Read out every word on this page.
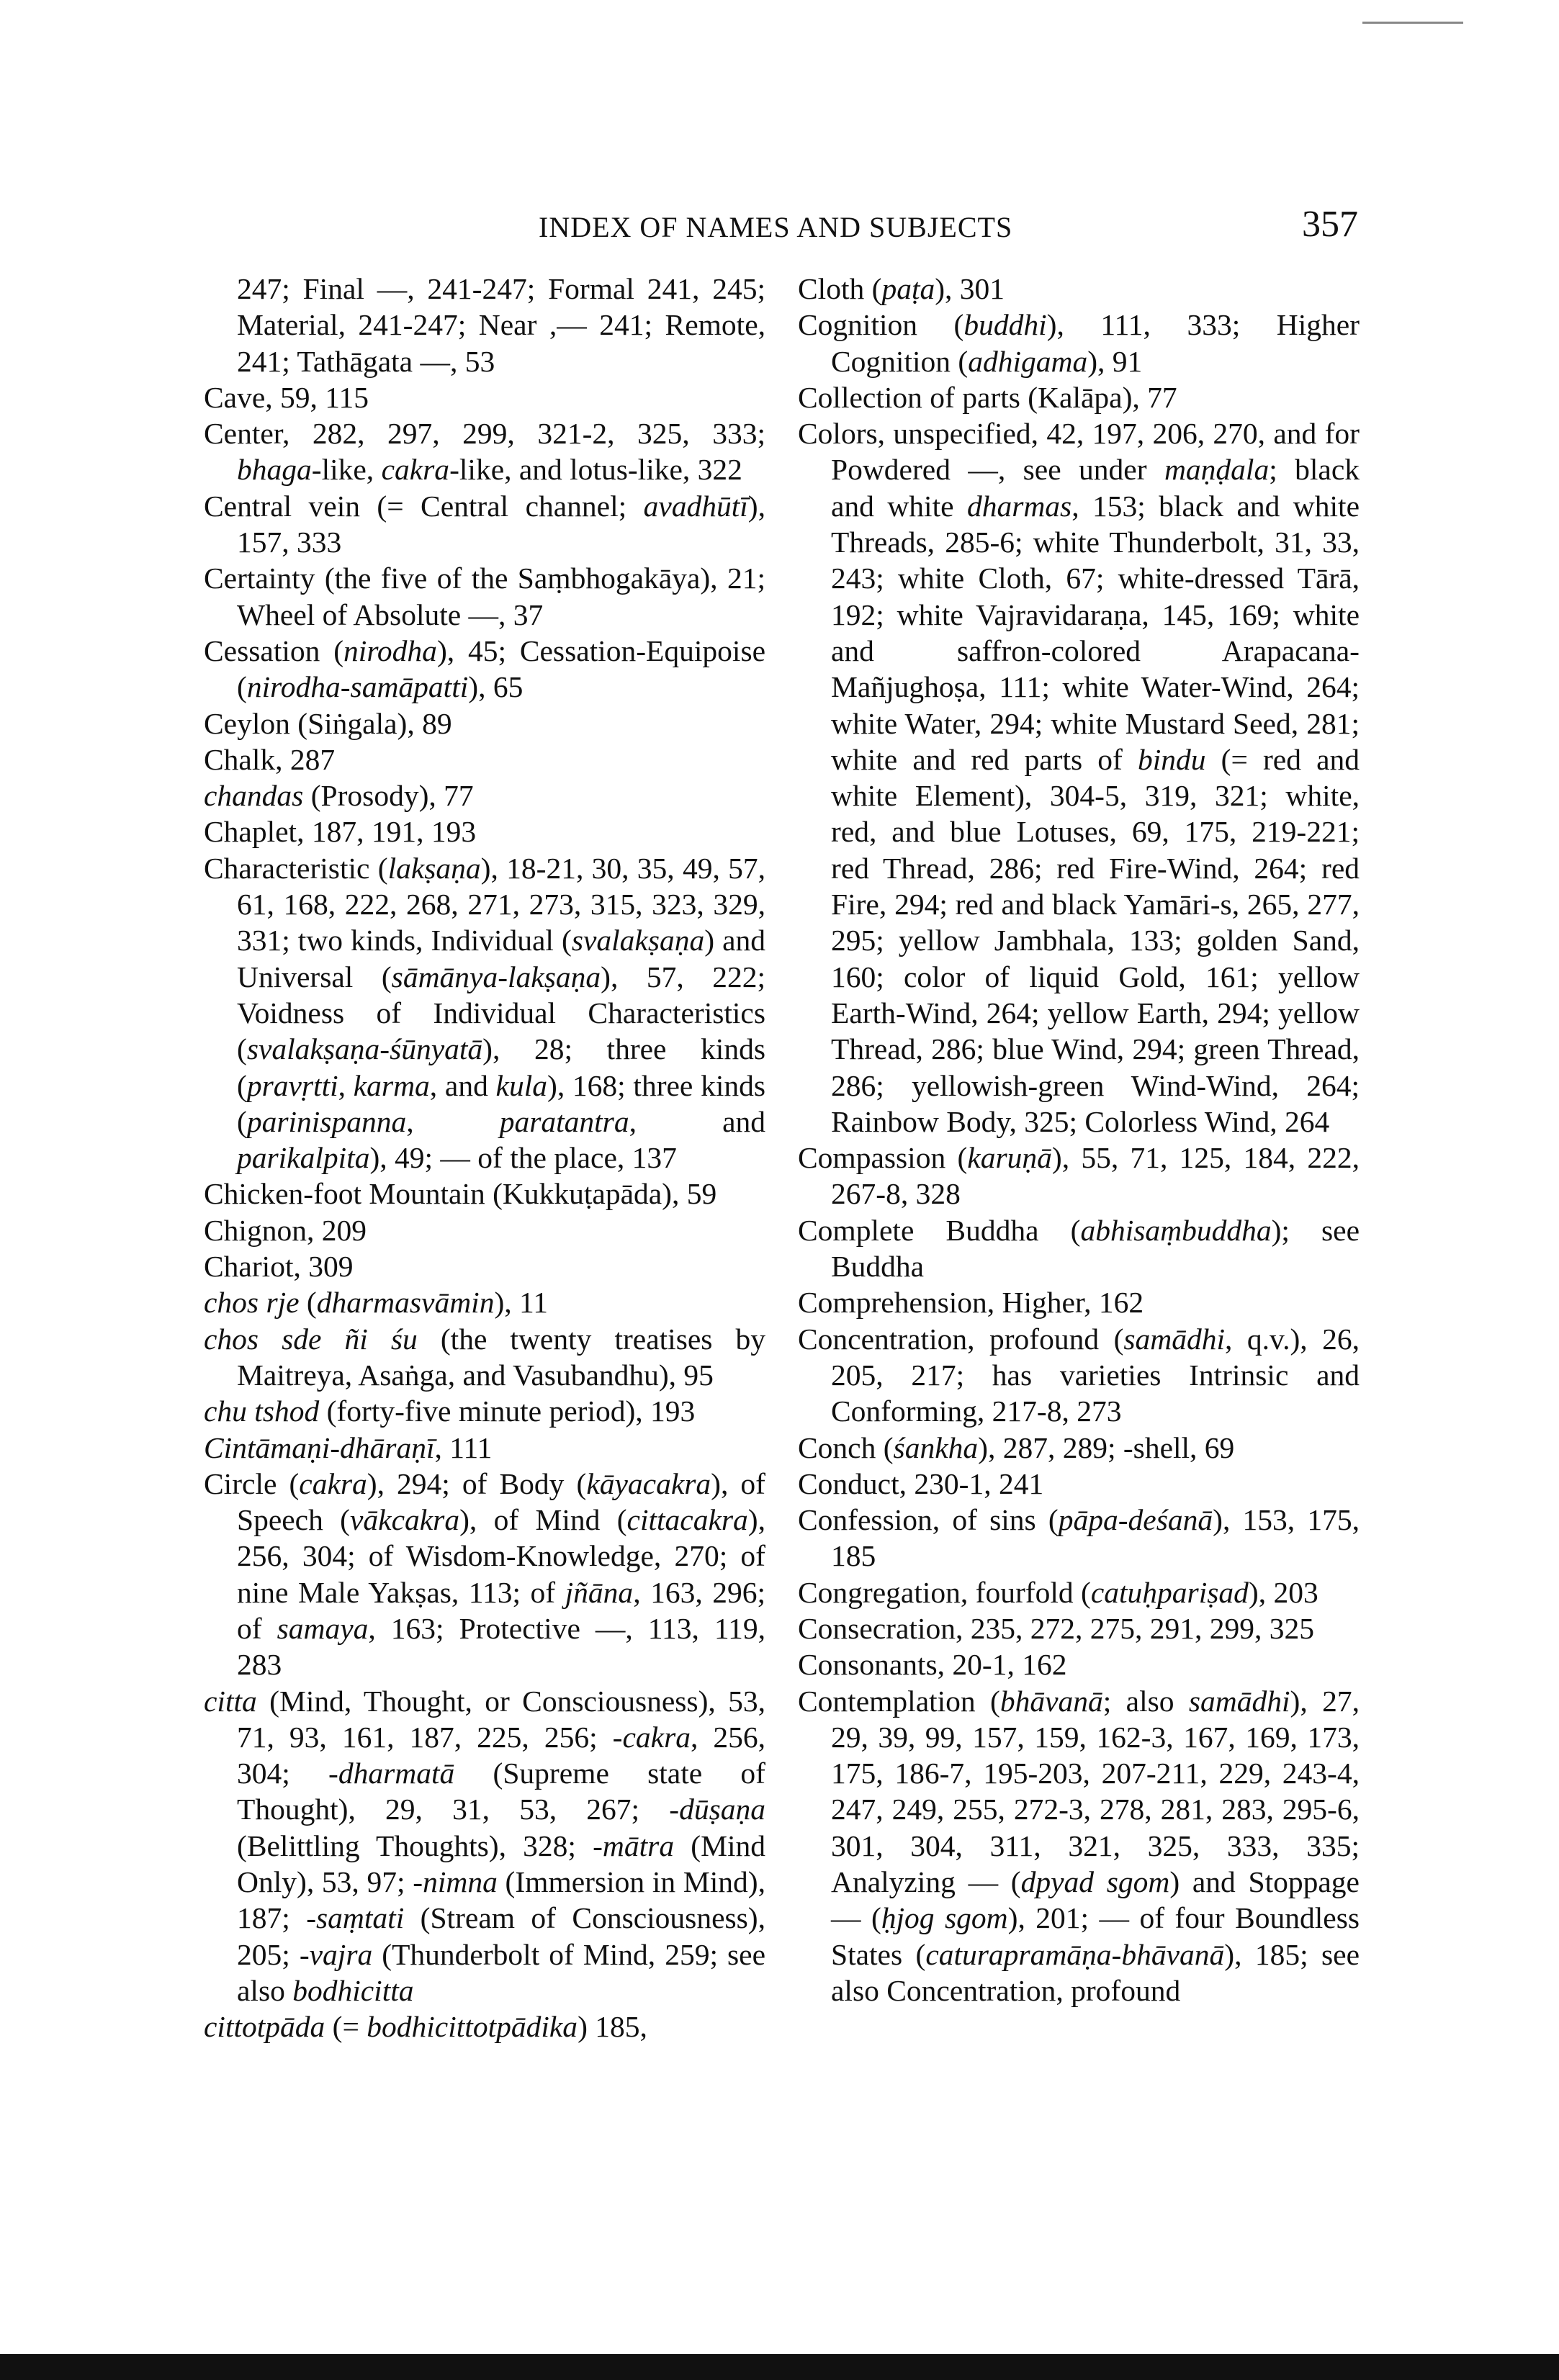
INDEX OF NAMES AND SUBJECTS	357
247; Final —, 241-247; Formal 241, 245; Material, 241-247; Near ,— 241; Remote, 241; Tathāgata —, 53
Cave, 59, 115
Center, 282, 297, 299, 321-2, 325, 333; bhaga-like, cakra-like, and lotus-like, 322
Central vein (= Central channel; avadhūtī), 157, 333
Certainty (the five of the Saṃbhogakāya), 21; Wheel of Absolute —, 37
Cessation (nirodha), 45; Cessation-Equipoise (nirodha-samāpatti), 65
Ceylon (Siṅgala), 89
Chalk, 287
chandas (Prosody), 77
Chaplet, 187, 191, 193
Characteristic (lakṣaṇa), 18-21, 30, 35, 49, 57, 61, 168, 222, 268, 271, 273, 315, 323, 329, 331; two kinds, Individual (svalakṣaṇa) and Universal (sāmānya-lakṣaṇa), 57, 222; Voidness of Individual Characteristics (svalakṣaṇa-śūnyatā), 28; three kinds (pravṛtti, karma, and kula), 168; three kinds (parinispanna, paratantra, and parikalpita), 49; — of the place, 137
Chicken-foot Mountain (Kukkuṭapāda), 59
Chignon, 209
Chariot, 309
chos rje (dharmasvāmin), 11
chos sde ñi śu (the twenty treatises by Maitreya, Asaṅga, and Vasubandhu), 95
chu tshod (forty-five minute period), 193
Cintāmaṇi-dhāraṇī, 111
Circle (cakra), 294; of Body (kāyacakra), of Speech (vākcakra), of Mind (cittacakra), 256, 304; of Wisdom-Knowledge, 270; of nine Male Yakṣas, 113; of jñāna, 163, 296; of samaya, 163; Protective —, 113, 119, 283
citta (Mind, Thought, or Consciousness), 53, 71, 93, 161, 187, 225, 256; -cakra, 256, 304; -dharmatā (Supreme state of Thought), 29, 31, 53, 267; -dūṣaṇa (Belittling Thoughts), 328; -mātra (Mind Only), 53, 97; -nimna (Immersion in Mind), 187; -saṃtati (Stream of Consciousness), 205; -vajra (Thunderbolt of Mind, 259; see also bodhicitta
cittotpāda (= bodhicittotpādika) 185,
Cloth (paṭa), 301
Cognition (buddhi), 111, 333; Higher Cognition (adhigama), 91
Collection of parts (Kalāpa), 77
Colors, unspecified, 42, 197, 206, 270, and for Powdered —, see under maṇḍala; black and white dharmas, 153; black and white Threads, 285-6; white Thunderbolt, 31, 33, 243; white Cloth, 67; white-dressed Tārā, 192; white Vajravidaraṇa, 145, 169; white and saffron-colored Arapacana-Mañjughoṣa, 111; white Water-Wind, 264; white Water, 294; white Mustard Seed, 281; white and red parts of bindu (= red and white Element), 304-5, 319, 321; white, red, and blue Lotuses, 69, 175, 219-221; red Thread, 286; red Fire-Wind, 264; red Fire, 294; red and black Yamāri-s, 265, 277, 295; yellow Jambhala, 133; golden Sand, 160; color of liquid Gold, 161; yellow Earth-Wind, 264; yellow Earth, 294; yellow Thread, 286; blue Wind, 294; green Thread, 286; yellowish-green Wind-Wind, 264; Rainbow Body, 325; Colorless Wind, 264
Compassion (karuṇā), 55, 71, 125, 184, 222, 267-8, 328
Complete Buddha (abhisaṃbuddha); see Buddha
Comprehension, Higher, 162
Concentration, profound (samādhi, q.v.), 26, 205, 217; has varieties Intrinsic and Conforming, 217-8, 273
Conch (śankha), 287, 289; -shell, 69
Conduct, 230-1, 241
Confession, of sins (pāpa-deśanā), 153, 175, 185
Congregation, fourfold (catuḥpariṣad), 203
Consecration, 235, 272, 275, 291, 299, 325
Consonants, 20-1, 162
Contemplation (bhāvanā; also samādhi), 27, 29, 39, 99, 157, 159, 162-3, 167, 169, 173, 175, 186-7, 195-203, 207-211, 229, 243-4, 247, 249, 255, 272-3, 278, 281, 283, 295-6, 301, 304, 311, 321, 325, 333, 335; Analyzing — (dpyad sgom) and Stoppage — (ḥjog sgom), 201; — of four Boundless States (caturapramāṇa-bhāvanā), 185; see also Concentration, profound
